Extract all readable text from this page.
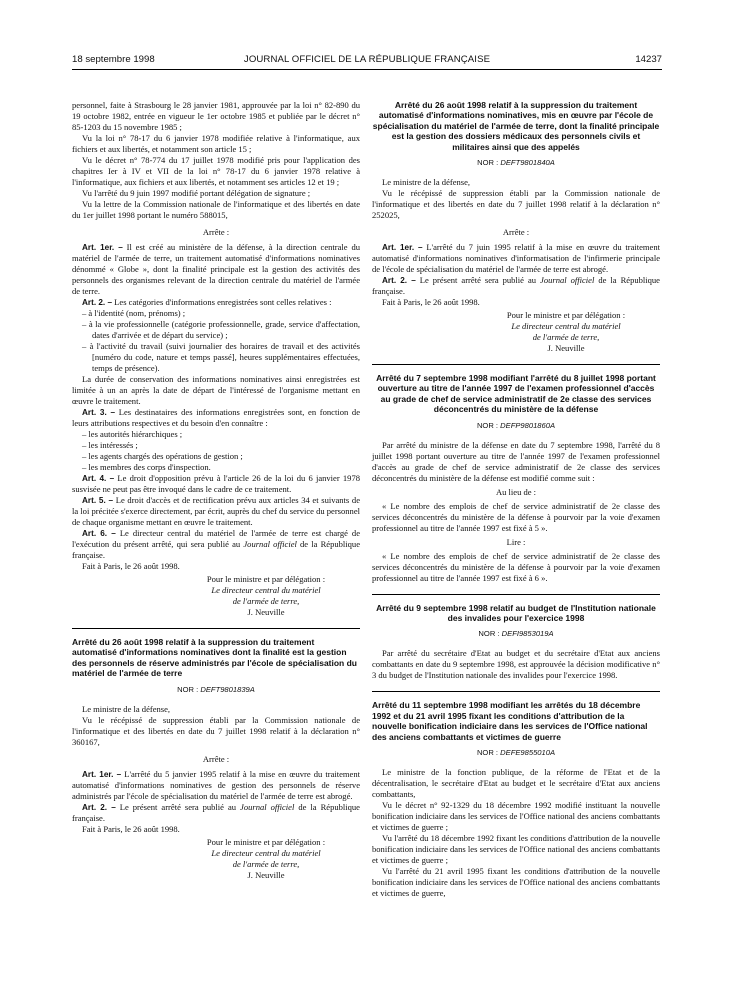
18 septembre 1998	JOURNAL OFFICIEL DE LA RÉPUBLIQUE FRANÇAISE	14237

personnel, faite à Strasbourg le 28 janvier 1981, approuvée par la loi n° 82-890 du 19 octobre 1982, entrée en vigueur le 1er octobre 1985 et publiée par le décret n° 85-1203 du 15 novembre 1985 ;

Vu la loi n° 78-17 du 6 janvier 1978 modifiée relative à l'informatique, aux fichiers et aux libertés, et notamment son article 15 ;

Vu le décret n° 78-774 du 17 juillet 1978 modifié pris pour l'application des chapitres Ier à IV et VII de la loi n° 78-17 du 6 janvier 1978 relative à l'informatique, aux fichiers et aux libertés, et notamment ses articles 12 et 19 ;

Vu l'arrêté du 9 juin 1997 modifié portant délégation de signature ;

Vu la lettre de la Commission nationale de l'informatique et des libertés en date du 1er juillet 1998 portant le numéro 588015,

Arrête :

Art. 1er. – Il est créé au ministère de la défense, à la direction centrale du matériel de l'armée de terre, un traitement automatisé d'informations nominatives dénommé « Globe », dont la finalité principale est la gestion des activités des personnels des organismes relevant de la direction centrale du matériel de l'armée de terre.

Art. 2. – Les catégories d'informations enregistrées sont celles relatives :

– à l'identité (nom, prénoms) ;
– à la vie professionnelle (catégorie professionnelle, grade, service d'affectation, dates d'arrivée et de départ du service) ;
– à l'activité du travail (suivi journalier des horaires de travail et des activités [numéro du code, nature et temps passé], heures supplémentaires effectuées, temps de présence).

La durée de conservation des informations nominatives ainsi enregistrées est limitée à un an après la date de départ de l'intéressé de l'organisme mettant en œuvre le traitement.

Art. 3. – Les destinataires des informations enregistrées sont, en fonction de leurs attributions respectives et du besoin d'en connaître :

– les autorités hiérarchiques ;
– les intéressés ;
– les agents chargés des opérations de gestion ;
– les membres des corps d'inspection.

Art. 4. – Le droit d'opposition prévu à l'article 26 de la loi du 6 janvier 1978 susvisée ne peut pas être invoqué dans le cadre de ce traitement.

Art. 5. – Le droit d'accès et de rectification prévu aux articles 34 et suivants de la loi précitée s'exerce directement, par écrit, auprès du chef du service du personnel de chaque organisme mettant en œuvre le traitement.

Art. 6. – Le directeur central du matériel de l'armée de terre est chargé de l'exécution du présent arrêté, qui sera publié au Journal officiel de la République française.

Fait à Paris, le 26 août 1998.

Pour le ministre et par délégation :
Le directeur central du matériel
de l'armée de terre,
J. Neuville
Arrêté du 26 août 1998 relatif à la suppression du traitement automatisé d'informations nominatives dont la finalité est la gestion des personnels de réserve administrés par l'école de spécialisation du matériel de l'armée de terre
NOR : DEFT9801839A

Le ministre de la défense,

Vu le récépissé de suppression établi par la Commission nationale de l'informatique et des libertés en date du 7 juillet 1998 relatif à la déclaration n° 360167,

Arrête :

Art. 1er. – L'arrêté du 5 janvier 1995 relatif à la mise en œuvre du traitement automatisé d'informations nominatives de gestion des personnels de réserve administrés par l'école de spécialisation du matériel de l'armée de terre est abrogé.

Art. 2. – Le présent arrêté sera publié au Journal officiel de la République française.

Fait à Paris, le 26 août 1998.

Pour le ministre et par délégation :
Le directeur central du matériel
de l'armée de terre,
J. Neuville
Arrêté du 26 août 1998 relatif à la suppression du traitement automatisé d'informations nominatives, mis en œuvre par l'école de spécialisation du matériel de l'armée de terre, dont la finalité principale est la gestion des dossiers médicaux des personnels civils et militaires ainsi que des appelés
NOR : DEFT9801840A

Le ministre de la défense,

Vu le récépissé de suppression établi par la Commission nationale de l'informatique et des libertés en date du 7 juillet 1998 relatif à la déclaration n° 252025,

Arrête :

Art. 1er. – L'arrêté du 7 juin 1995 relatif à la mise en œuvre du traitement automatisé d'informations nominatives d'informatisation de l'infirmerie principale de l'école de spécialisation du matériel de l'armée de terre est abrogé.

Art. 2. – Le présent arrêté sera publié au Journal officiel de la République française.

Fait à Paris, le 26 août 1998.

Pour le ministre et par délégation :
Le directeur central du matériel
de l'armée de terre,
J. Neuville
Arrêté du 7 septembre 1998 modifiant l'arrêté du 8 juillet 1998 portant ouverture au titre de l'année 1997 de l'examen professionnel d'accès au grade de chef de service administratif de 2e classe des services déconcentrés du ministère de la défense
NOR : DEFP9801860A

Par arrêté du ministre de la défense en date du 7 septembre 1998, l'arrêté du 8 juillet 1998 portant ouverture au titre de l'année 1997 de l'examen professionnel d'accès au grade de chef de service administratif de 2e classe des services déconcentrés du ministère de la défense est modifié comme suit :

Au lieu de :

« Le nombre des emplois de chef de service administratif de 2e classe des services déconcentrés du ministère de la défense à pourvoir par la voie d'examen professionnel au titre de l'année 1997 est fixé à 5 ».

Lire :

« Le nombre des emplois de chef de service administratif de 2e classe des services déconcentrés du ministère de la défense à pourvoir par la voie d'examen professionnel au titre de l'année 1997 est fixé à 6 ».

Arrêté du 9 septembre 1998 relatif au budget de l'Institution nationale des invalides pour l'exercice 1998
NOR : DEFI9853019A

Par arrêté du secrétaire d'Etat au budget et du secrétaire d'Etat aux anciens combattants en date du 9 septembre 1998, est approuvée la décision modificative n° 3 du budget de l'Institution nationale des invalides pour l'exercice 1998.

Arrêté du 11 septembre 1998 modifiant les arrêtés du 18 décembre 1992 et du 21 avril 1995 fixant les conditions d'attribution de la nouvelle bonification indiciaire dans les services de l'Office national des anciens combattants et victimes de guerre
NOR : DEFE9855010A

Le ministre de la fonction publique, de la réforme de l'Etat et de la décentralisation, le secrétaire d'Etat au budget et le secrétaire d'Etat aux anciens combattants,

Vu le décret n° 92-1329 du 18 décembre 1992 modifié instituant la nouvelle bonification indiciaire dans les services de l'Office national des anciens combattants et victimes de guerre ;

Vu l'arrêté du 18 décembre 1992 fixant les conditions d'attribution de la nouvelle bonification indiciaire dans les services de l'Office national des anciens combattants et victimes de guerre ;

Vu l'arrêté du 21 avril 1995 fixant les conditions d'attribution de la nouvelle bonification indiciaire dans les services de l'Office national des anciens combattants et victimes de guerre,
